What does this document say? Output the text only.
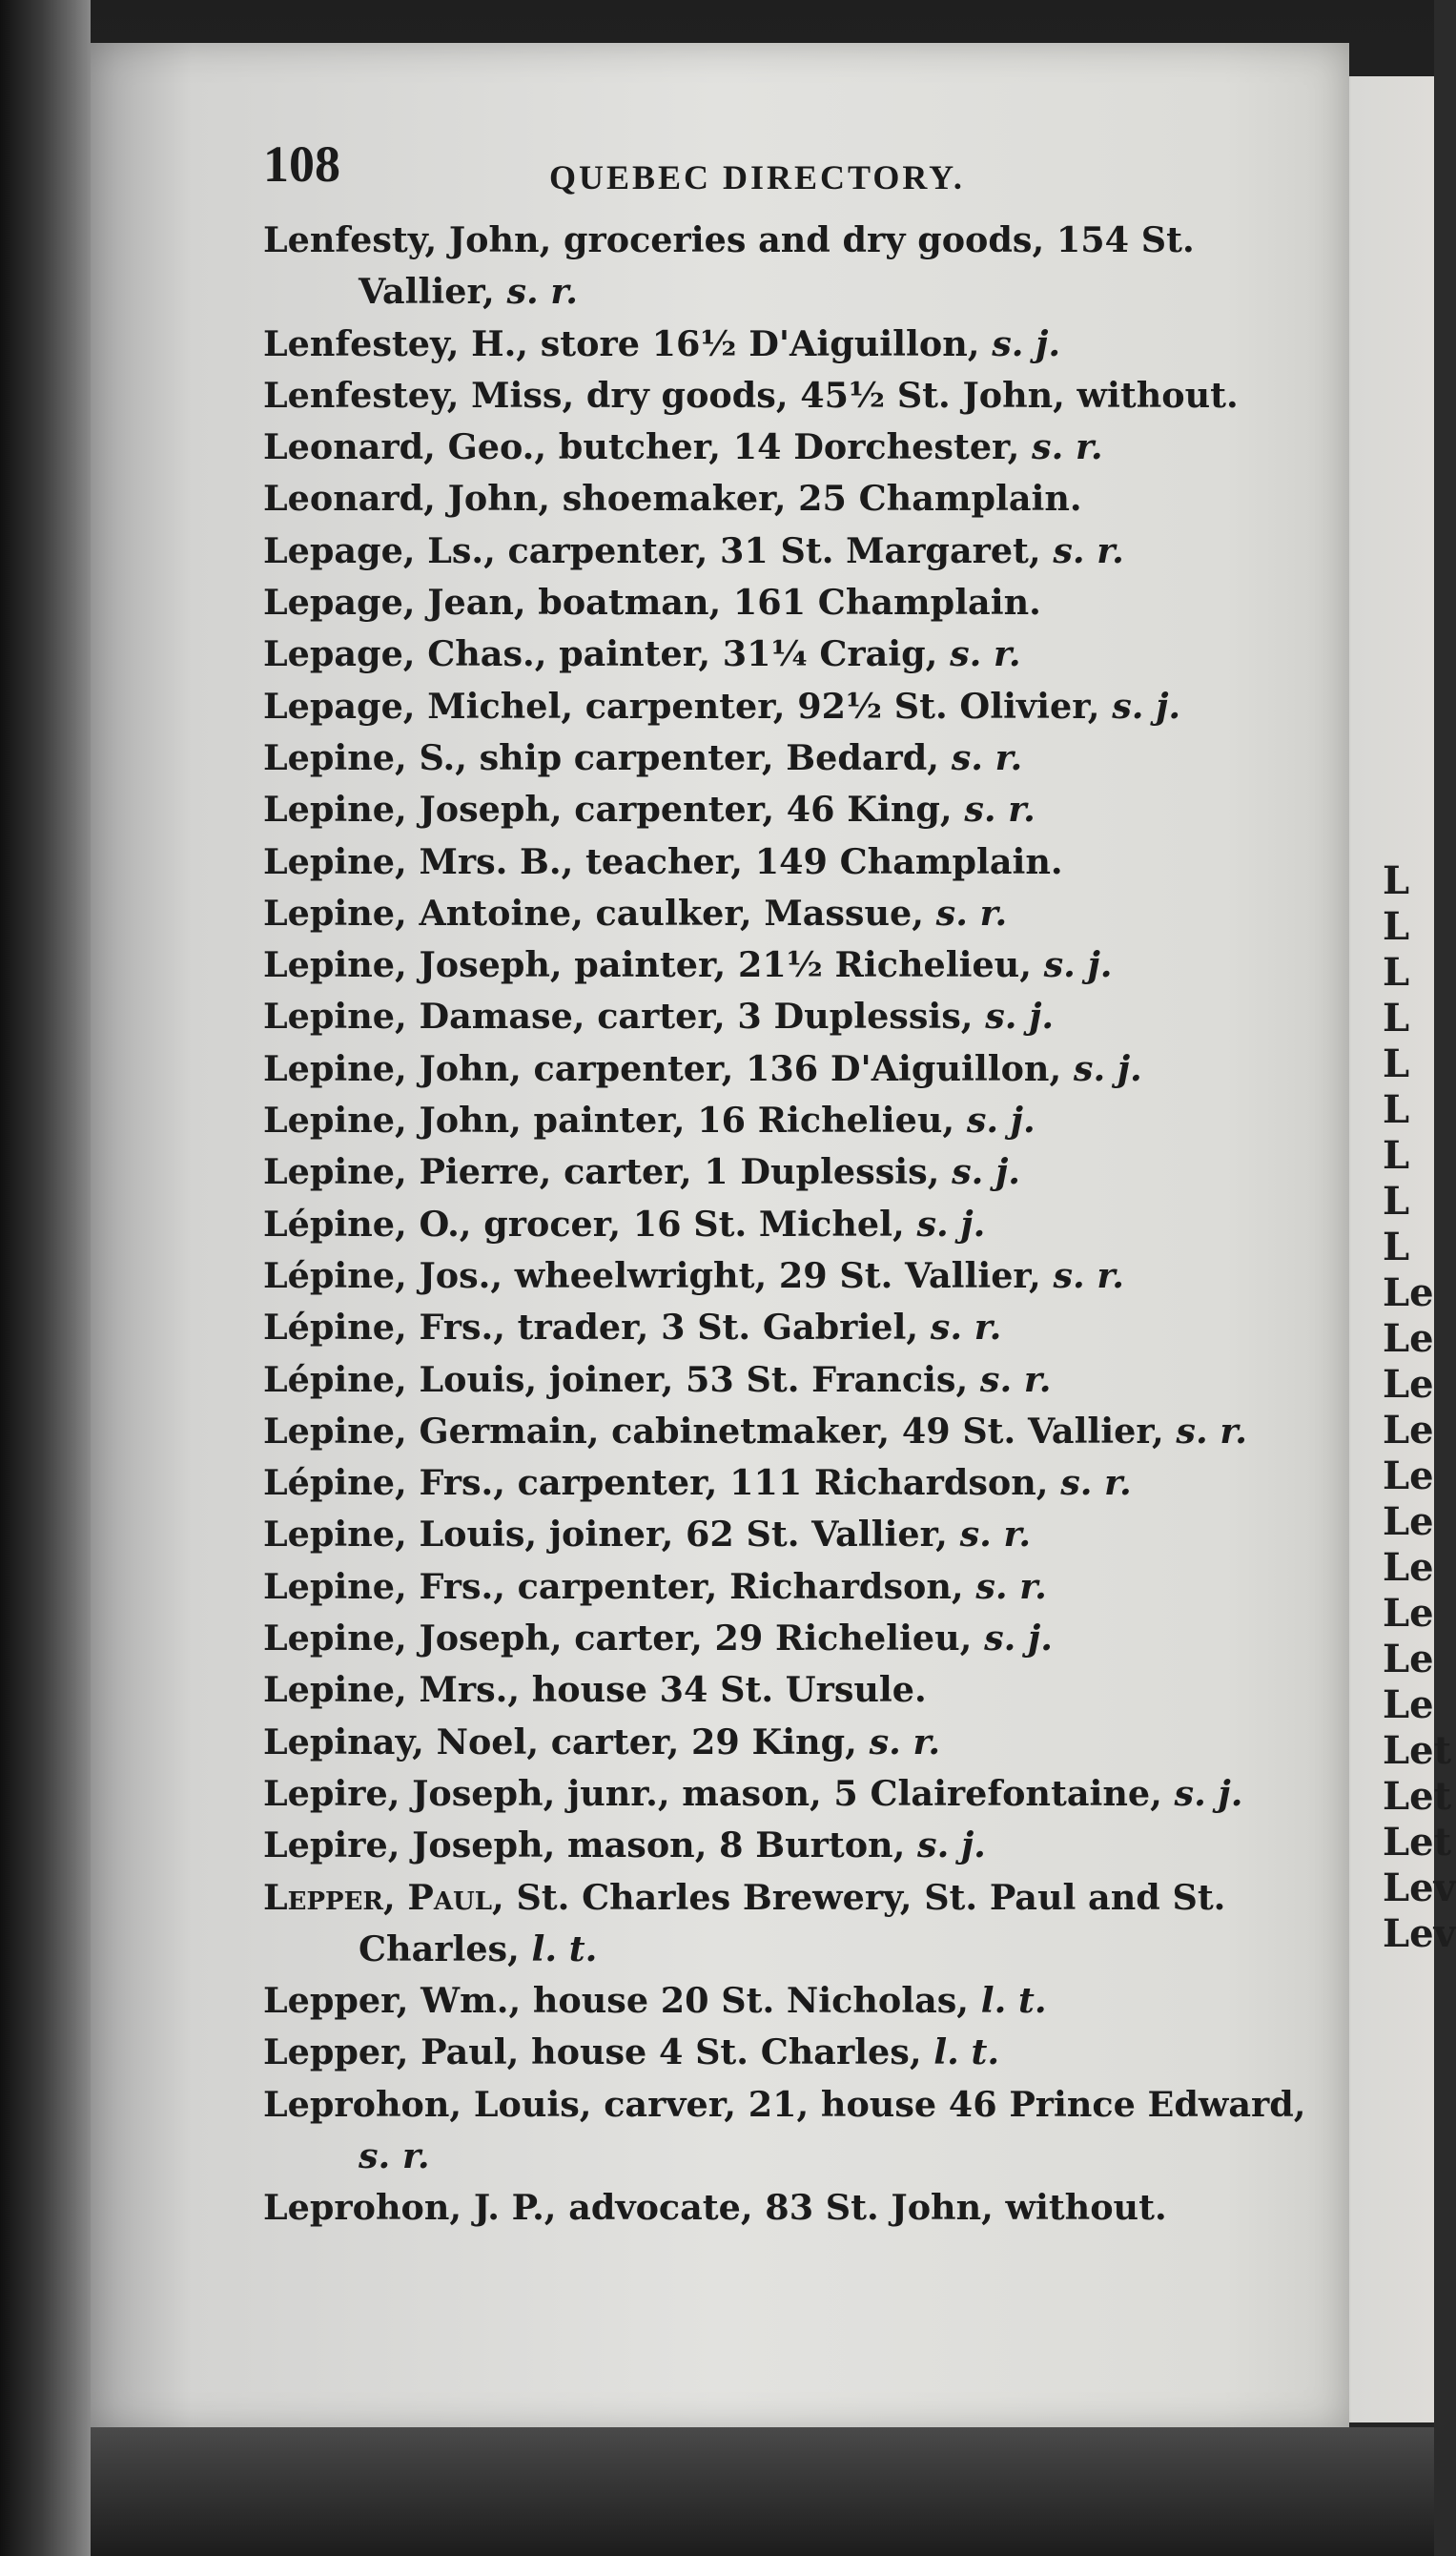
L
L
L
L
L
L
L
L
L
Le
Le
Le
Le
Le
Le
Le
Le
Le
Le
Let
Let
Let
Lev
Lev
108	QUEBEC DIRECTORY.
Lenfesty, John, groceries and dry goods, 154 St. Vallier, s. r.
Lenfestey, H., store 16½ D'Aiguillon, s. j.
Lenfestey, Miss, dry goods, 45½ St. John, without.
Leonard, Geo., butcher, 14 Dorchester, s. r.
Leonard, John, shoemaker, 25 Champlain.
Lepage, Ls., carpenter, 31 St. Margaret, s. r.
Lepage, Jean, boatman, 161 Champlain.
Lepage, Chas., painter, 31¼ Craig, s. r.
Lepage, Michel, carpenter, 92½ St. Olivier, s. j.
Lepine, S., ship carpenter, Bedard, s. r.
Lepine, Joseph, carpenter, 46 King, s. r.
Lepine, Mrs. B., teacher, 149 Champlain.
Lepine, Antoine, caulker, Massue, s. r.
Lepine, Joseph, painter, 21½ Richelieu, s. j.
Lepine, Damase, carter, 3 Duplessis, s. j.
Lepine, John, carpenter, 136 D'Aiguillon, s. j.
Lepine, John, painter, 16 Richelieu, s. j.
Lepine, Pierre, carter, 1 Duplessis, s. j.
Lépine, O., grocer, 16 St. Michel, s. j.
Lépine, Jos., wheelwright, 29 St. Vallier, s. r.
Lépine, Frs., trader, 3 St. Gabriel, s. r.
Lépine, Louis, joiner, 53 St. Francis, s. r.
Lepine, Germain, cabinetmaker, 49 St. Vallier, s. r.
Lépine, Frs., carpenter, 111 Richardson, s. r.
Lepine, Louis, joiner, 62 St. Vallier, s. r.
Lepine, Frs., carpenter, Richardson, s. r.
Lepine, Joseph, carter, 29 Richelieu, s. j.
Lepine, Mrs., house 34 St. Ursule.
Lepinay, Noel, carter, 29 King, s. r.
Lepire, Joseph, junr., mason, 5 Clairefontaine, s. j.
Lepire, Joseph, mason, 8 Burton, s. j.
Lepper, Paul, St. Charles Brewery, St. Paul and St. Charles, l. t.
Lepper, Wm., house 20 St. Nicholas, l. t.
Lepper, Paul, house 4 St. Charles, l. t.
Leprohon, Louis, carver, 21, house 46 Prince Edward, s. r.
Leprohon, J. P., advocate, 83 St. John, without.
